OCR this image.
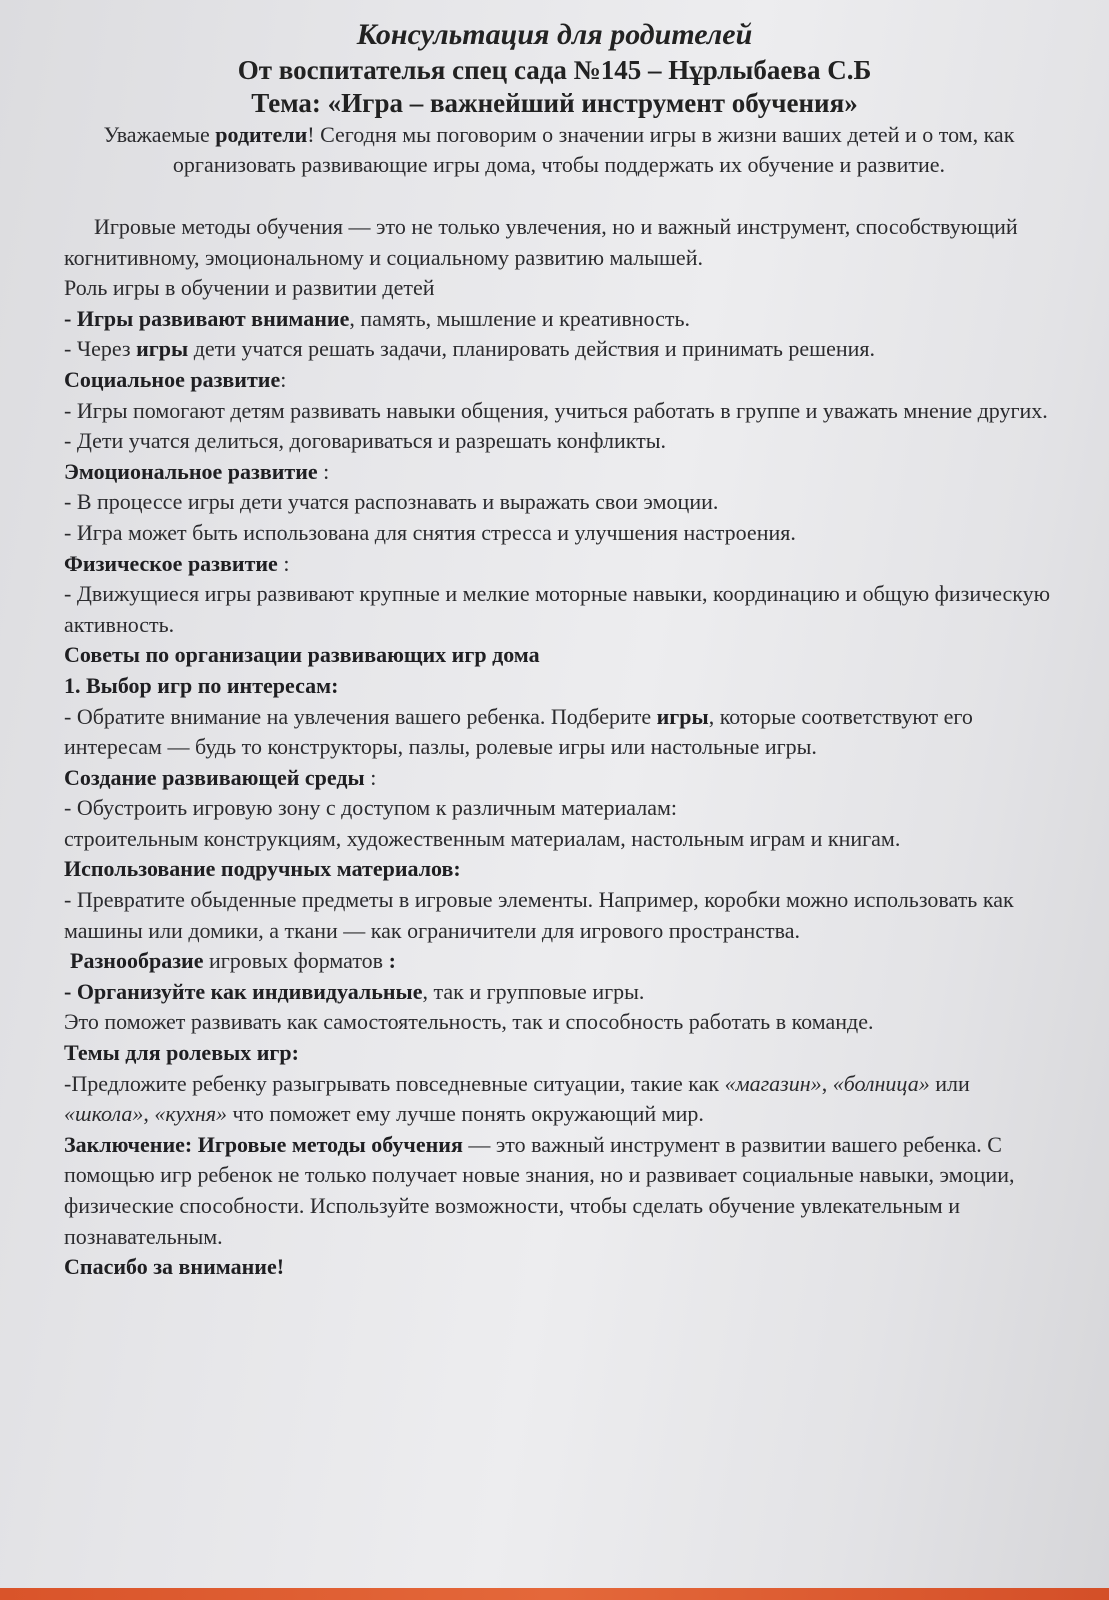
Консультация для родителей
От воспитателья спец сада №145 – Нұрлыбаева С.Б
Тема: «Игра – важнейший инструмент обучения»
Уважаемые родители! Сегодня мы поговорим о значении игры в жизни ваших детей и о том, как организовать развивающие игры дома, чтобы поддержать их обучение и развитие.

Игровые методы обучения — это не только увлечения, но и важный инструмент, способствующий когнитивному, эмоциональному и социальному развитию малышей.

Роль игры в обучении и развитии детей

- Игры развивают внимание, память, мышление и креативность.

- Через игры дети учатся решать задачи, планировать действия и принимать решения.

Социальное развитие:

- Игры помогают детям развивать навыки общения, учиться работать в группе и уважать мнение других.

- Дети учатся делиться, договариваться и разрешать конфликты.

Эмоциональное развитие :

- В процессе игры дети учатся распознавать и выражать свои эмоции.

- Игра может быть использована для снятия стресса и улучшения настроения.

Физическое развитие :

- Движущиеся игры развивают крупные и мелкие моторные навыки, координацию и общую физическую активность.

Советы по организации развивающих игр дома

1. Выбор игр по интересам:

- Обратите внимание на увлечения вашего ребенка. Подберите игры, которые соответствуют его интересам — будь то конструкторы, пазлы, ролевые игры или настольные игры.

Создание развивающей среды :

- Обустроить игровую зону с доступом к различным материалам:

строительным конструкциям, художественным материалам, настольным играм и книгам.

Использование подручных материалов:

- Превратите обыденные предметы в игровые элементы. Например, коробки можно использовать как машины или домики, а ткани — как ограничители для игрового пространства.

Разнообразие игровых форматов :

- Организуйте как индивидуальные, так и групповые игры.

Это поможет развивать как самостоятельность, так и способность работать в команде.

Темы для ролевых игр:

-Предложите ребенку разыгрывать повседневные ситуации, такие как «магазин», «болница» или «школа», «кухня» что поможет ему лучше понять окружающий мир.

Заключение: Игровые методы обучения — это важный инструмент в развитии вашего ребенка. С помощью игр ребенок не только получает новые знания, но и развивает социальные навыки, эмоции, физические способности. Используйте возможности, чтобы сделать обучение увлекательным и познавательным.

Спасибо за внимание!
